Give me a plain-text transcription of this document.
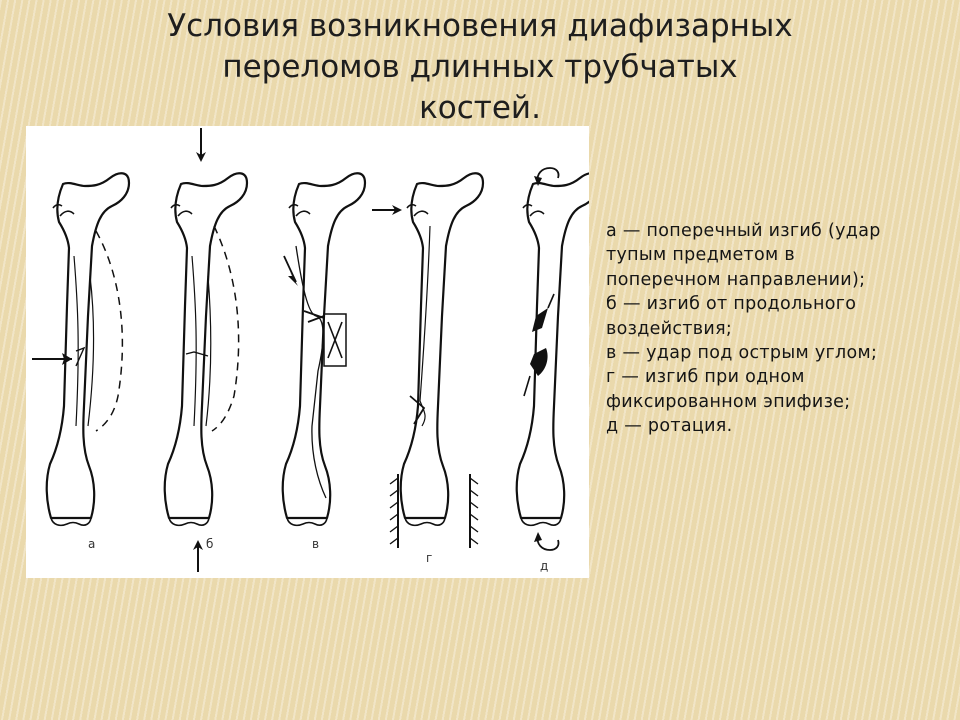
Условия возникновения диафизарных
переломов длинных трубчатых
костей.
а	б	в
г
д
а — поперечный изгиб (удар
тупым предметом в
поперечном направлении);
б — изгиб от продольного
воздействия;
в — удар под острым углом;
г — изгиб при одном
фиксированном эпифизе;
д — ротация.
